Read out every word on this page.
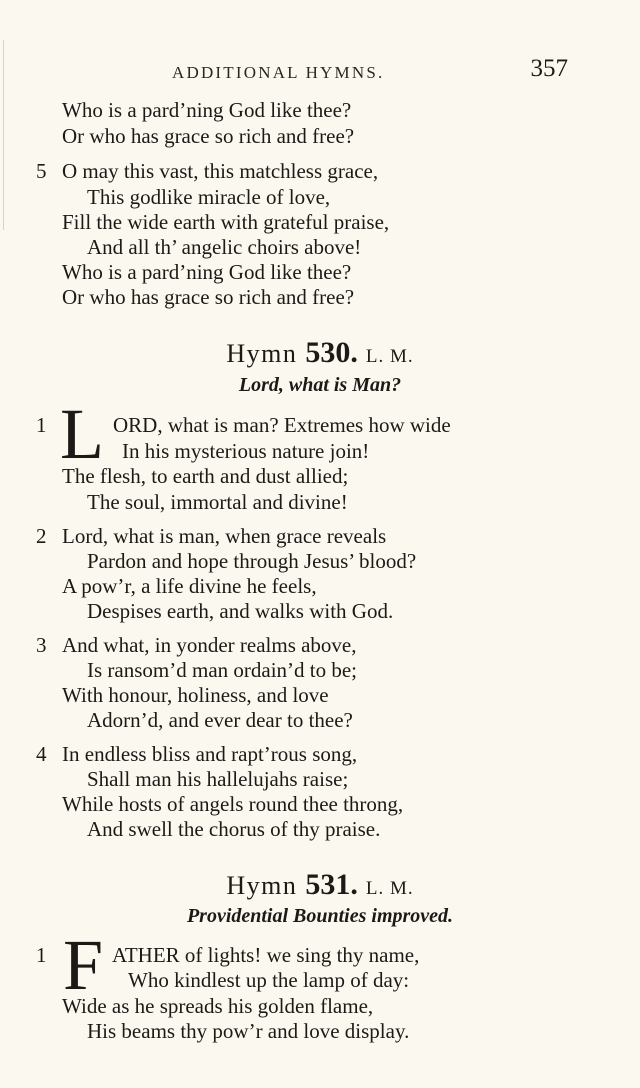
ADDITIONAL HYMNS.	357
Who is a pard’ning God like thee?
Or who has grace so rich and free?
5 O may this vast, this matchless grace,
This godlike miracle of love,
Fill the wide earth with grateful praise,
And all th’ angelic choirs above!
Who is a pard’ning God like thee?
Or who has grace so rich and free?
Hymn 530. L. M.
Lord, what is Man?
1 L ORD, what is man? Extremes how wide
In his mysterious nature join!
The flesh, to earth and dust allied;
The soul, immortal and divine!
2 Lord, what is man, when grace reveals
Pardon and hope through Jesus’ blood?
A pow’r, a life divine he feels,
Despises earth, and walks with God.
3 And what, in yonder realms above,
Is ransom’d man ordain’d to be;
With honour, holiness, and love
Adorn’d, and ever dear to thee?
4 In endless bliss and rapt’rous song,
Shall man his hallelujahs raise;
While hosts of angels round thee throng,
And swell the chorus of thy praise.
Hymn 531. L. M.
Providential Bounties improved.
1 F ATHER of lights! we sing thy name,
Who kindlest up the lamp of day:
Wide as he spreads his golden flame,
His beams thy pow’r and love display.
